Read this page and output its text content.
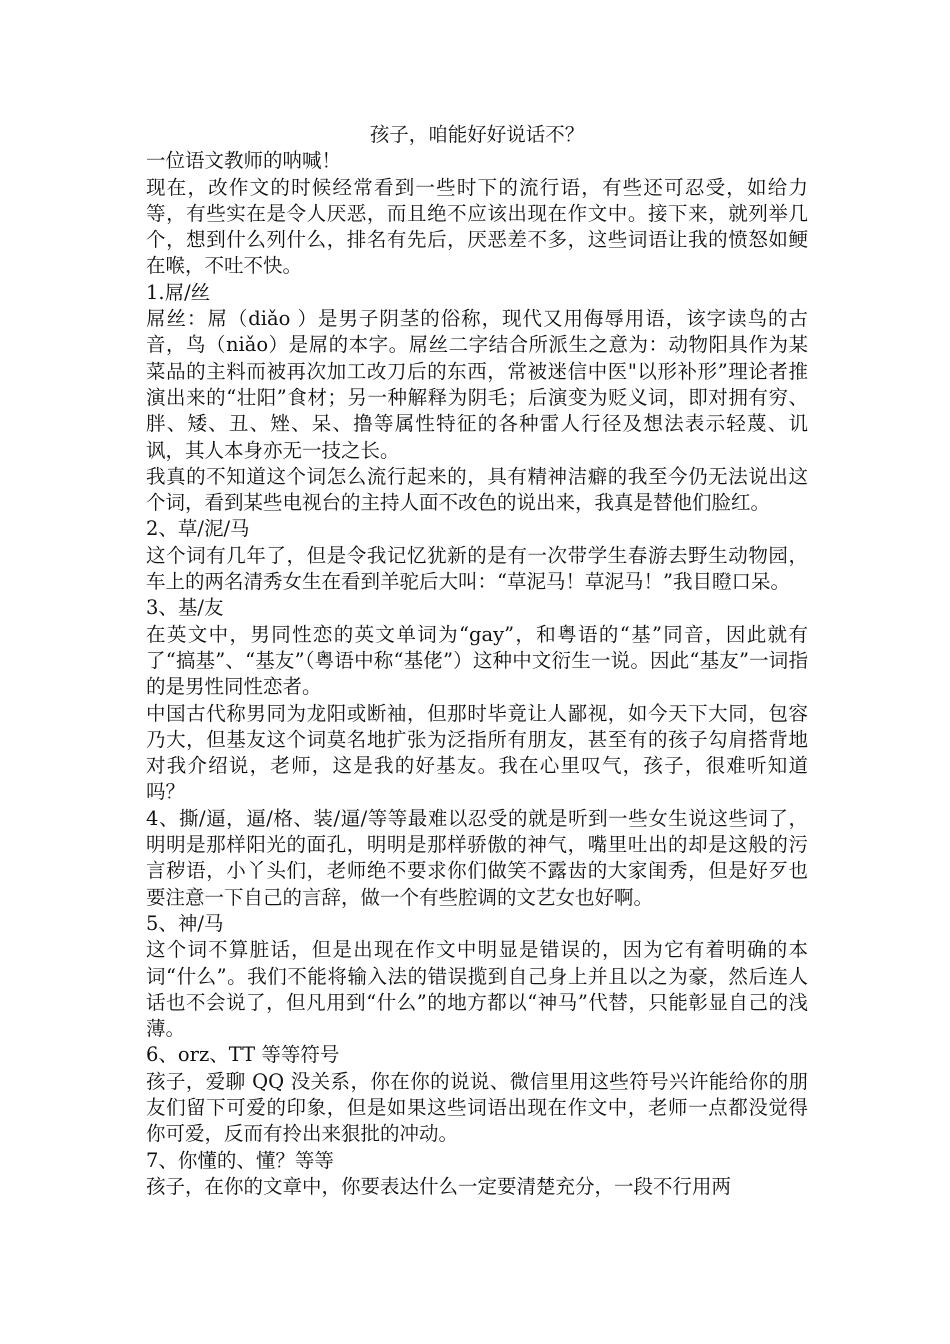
孩子，咱能好好说话不？

一位语文教师的呐喊！

现在，改作文的时候经常看到一些时下的流行语，有些还可忍受，如给力等，有些实在是令人厌恶，而且绝不应该出现在作文中。接下来，就列举几个，想到什么列什么，排名有先后，厌恶差不多，这些词语让我的愤怒如鲠在喉，不吐不快。

1.屌/丝

屌丝：屌（diǎo ）是男子阴茎的俗称，现代又用侮辱用语，该字读鸟的古音，鸟（niǎo）是屌的本字。屌丝二字结合所派生之意为：动物阳具作为某菜品的主料而被再次加工改刀后的东西，常被迷信中医"以形补形”理论者推演出来的“壮阳”食材；另一种解释为阴毛；后演变为贬义词，即对拥有穷、胖、矮、丑、矬、呆、撸等属性特征的各种雷人行径及想法表示轻蔑、讥讽，其人本身亦无一技之长。

我真的不知道这个词怎么流行起来的，具有精神洁癖的我至今仍无法说出这个词，看到某些电视台的主持人面不改色的说出来，我真是替他们脸红。

2、草/泥/马

这个词有几年了，但是令我记忆犹新的是有一次带学生春游去野生动物园，车上的两名清秀女生在看到羊驼后大叫：“草泥马！草泥马！”我目瞪口呆。

3、基/友

在英文中，男同性恋的英文单词为“gay”，和粤语的“基”同音，因此就有了“搞基”、“基友”（粤语中称“基佬”）这种中文衍生一说。因此“基友”一词指的是男性同性恋者。

中国古代称男同为龙阳或断袖，但那时毕竟让人鄙视，如今天下大同，包容乃大，但基友这个词莫名地扩张为泛指所有朋友，甚至有的孩子勾肩搭背地对我介绍说，老师，这是我的好基友。我在心里叹气，孩子，很难听知道吗？

4、撕/逼，逼/格、装/逼/等等最难以忍受的就是听到一些女生说这些词了，明明是那样阳光的面孔，明明是那样骄傲的神气，嘴里吐出的却是这般的污言秽语，小丫头们，老师绝不要求你们做笑不露齿的大家闺秀，但是好歹也要注意一下自己的言辞，做一个有些腔调的文艺女也好啊。

5、神/马

这个词不算脏话，但是出现在作文中明显是错误的，因为它有着明确的本词“什么”。我们不能将输入法的错误揽到自己身上并且以之为豪，然后连人话也不会说了，但凡用到“什么”的地方都以“神马”代替，只能彰显自己的浅薄。

6、orz、TT 等等符号

孩子，爱聊 QQ 没关系，你在你的说说、微信里用这些符号兴许能给你的朋友们留下可爱的印象，但是如果这些词语出现在作文中，老师一点都没觉得你可爱，反而有拎出来狠批的冲动。

7、你懂的、懂？等等

孩子，在你的文章中，你要表达什么一定要清楚充分，一段不行用两
